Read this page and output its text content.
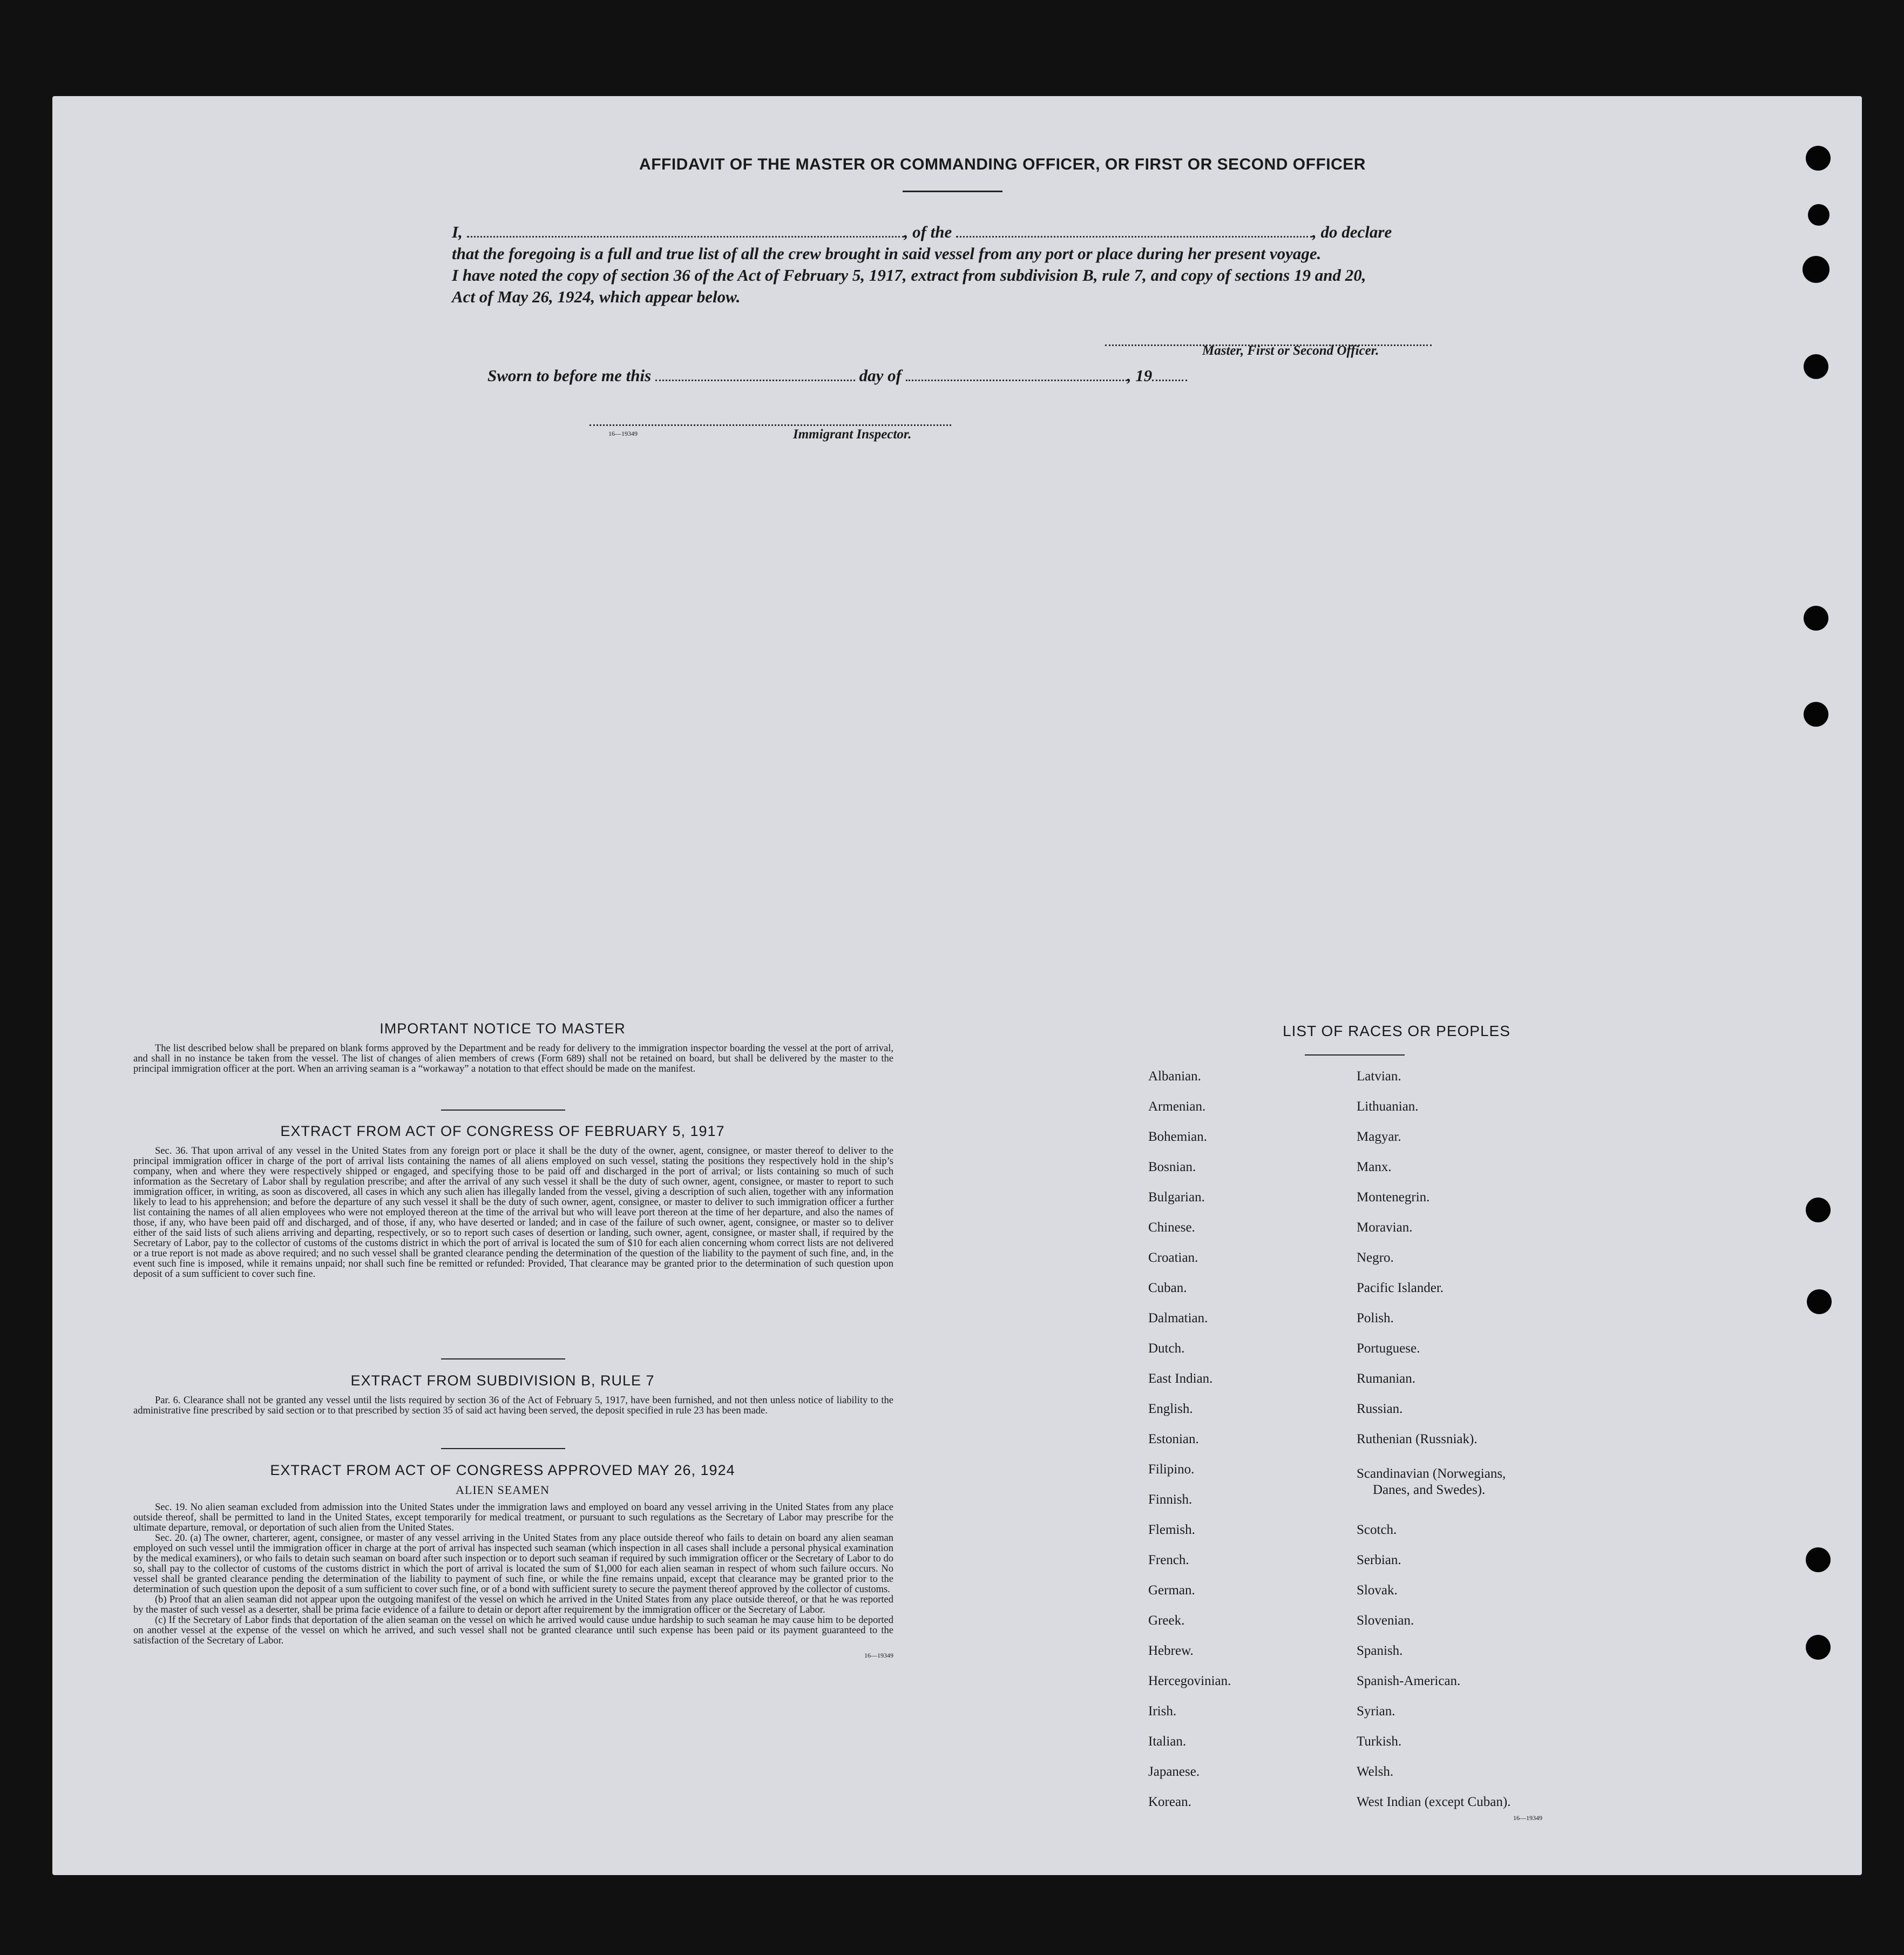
AFFIDAVIT OF THE MASTER OR COMMANDING OFFICER, OR FIRST OR SECOND OFFICER
I,	, of the	, do declare
that the foregoing is a full and true list of all the crew brought in said vessel from any port or place during her present voyage.
I have noted the copy of section 36 of the Act of February 5, 1917, extract from subdivision B, rule 7, and copy of sections 19 and 20,
Act of May 26, 1924, which appear below.
Master, First or Second Officer.
Sworn to before me this	day of	, 19
16—19349	Immigrant Inspector.
IMPORTANT NOTICE TO MASTER
The list described below shall be prepared on blank forms approved by the Department and be ready for delivery to the immigration inspector boarding the vessel at the port of arrival, and shall in no instance be taken from the vessel. The list of changes of alien members of crews (Form 689) shall not be retained on board, but shall be delivered by the master to the principal immigration officer at the port. When an arriving seaman is a “workaway” a notation to that effect should be made on the manifest.
EXTRACT FROM ACT OF CONGRESS OF FEBRUARY 5, 1917
Sec. 36. That upon arrival of any vessel in the United States from any foreign port or place it shall be the duty of the owner, agent, consignee, or master thereof to deliver to the principal immigration officer in charge of the port of arrival lists containing the names of all aliens employed on such vessel, stating the positions they respectively hold in the ship’s company, when and where they were respectively shipped or engaged, and specifying those to be paid off and discharged in the port of arrival; or lists containing so much of such information as the Secretary of Labor shall by regulation prescribe; and after the arrival of any such vessel it shall be the duty of such owner, agent, consignee, or master to report to such immigration officer, in writing, as soon as discovered, all cases in which any such alien has illegally landed from the vessel, giving a description of such alien, together with any information likely to lead to his apprehension; and before the departure of any such vessel it shall be the duty of such owner, agent, consignee, or master to deliver to such immigration officer a further list containing the names of all alien employees who were not employed thereon at the time of the arrival but who will leave port thereon at the time of her departure, and also the names of those, if any, who have been paid off and discharged, and of those, if any, who have deserted or landed; and in case of the failure of such owner, agent, consignee, or master so to deliver either of the said lists of such aliens arriving and departing, respectively, or so to report such cases of desertion or landing, such owner, agent, consignee, or master shall, if required by the Secretary of Labor, pay to the collector of customs of the customs district in which the port of arrival is located the sum of $10 for each alien concerning whom correct lists are not delivered or a true report is not made as above required; and no such vessel shall be granted clearance pending the determination of the question of the liability to the payment of such fine, and, in the event such fine is imposed, while it remains unpaid; nor shall such fine be remitted or refunded: Provided, That clearance may be granted prior to the determination of such question upon deposit of a sum sufficient to cover such fine.
EXTRACT FROM SUBDIVISION B, RULE 7
Par. 6. Clearance shall not be granted any vessel until the lists required by section 36 of the Act of February 5, 1917, have been furnished, and not then unless notice of liability to the administrative fine prescribed by said section or to that prescribed by section 35 of said act having been served, the deposit specified in rule 23 has been made.
EXTRACT FROM ACT OF CONGRESS APPROVED MAY 26, 1924
ALIEN SEAMEN

Sec. 19. No alien seaman excluded from admission into the United States under the immigration laws and employed on board any vessel arriving in the United States from any place outside thereof, shall be permitted to land in the United States, except temporarily for medical treatment, or pursuant to such regulations as the Secretary of Labor may prescribe for the ultimate departure, removal, or deportation of such alien from the United States.

Sec. 20. (a) The owner, charterer, agent, consignee, or master of any vessel arriving in the United States from any place outside thereof who fails to detain on board any alien seaman employed on such vessel until the immigration officer in charge at the port of arrival has inspected such seaman (which inspection in all cases shall include a personal physical examination by the medical examiners), or who fails to detain such seaman on board after such inspection or to deport such seaman if required by such immigration officer or the Secretary of Labor to do so, shall pay to the collector of customs of the customs district in which the port of arrival is located the sum of $1,000 for each alien seaman in respect of whom such failure occurs. No vessel shall be granted clearance pending the determination of the liability to payment of such fine, or while the fine remains unpaid, except that clearance may be granted prior to the determination of such question upon the deposit of a sum sufficient to cover such fine, or of a bond with sufficient surety to secure the payment thereof approved by the collector of customs.

(b) Proof that an alien seaman did not appear upon the outgoing manifest of the vessel on which he arrived in the United States from any place outside thereof, or that he was reported by the master of such vessel as a deserter, shall be prima facie evidence of a failure to detain or deport after requirement by the immigration officer or the Secretary of Labor.

(c) If the Secretary of Labor finds that deportation of the alien seaman on the vessel on which he arrived would cause undue hardship to such seaman he may cause him to be deported on another vessel at the expense of the vessel on which he arrived, and such vessel shall not be granted clearance until such expense has been paid or its payment guaranteed to the satisfaction of the Secretary of Labor.

16—19349
LIST OF RACES OR PEOPLES
Albanian.
Armenian.
Bohemian.
Bosnian.
Bulgarian.
Chinese.
Croatian.
Cuban.
Dalmatian.
Dutch.
East Indian.
English.
Estonian.
Filipino.
Finnish.
Flemish.
French.
German.
Greek.
Hebrew.
Hercegovinian.
Irish.
Italian.
Japanese.
Korean.
Latvian.
Lithuanian.
Magyar.
Manx.
Montenegrin.
Moravian.
Negro.
Pacific Islander.
Polish.
Portuguese.
Rumanian.
Russian.
Ruthenian (Russniak).
Scandinavian (Norwegians,
Danes, and Swedes).
Scotch.
Serbian.
Slovak.
Slovenian.
Spanish.
Spanish-American.
Syrian.
Turkish.
Welsh.
West Indian (except Cuban).
16—19349
